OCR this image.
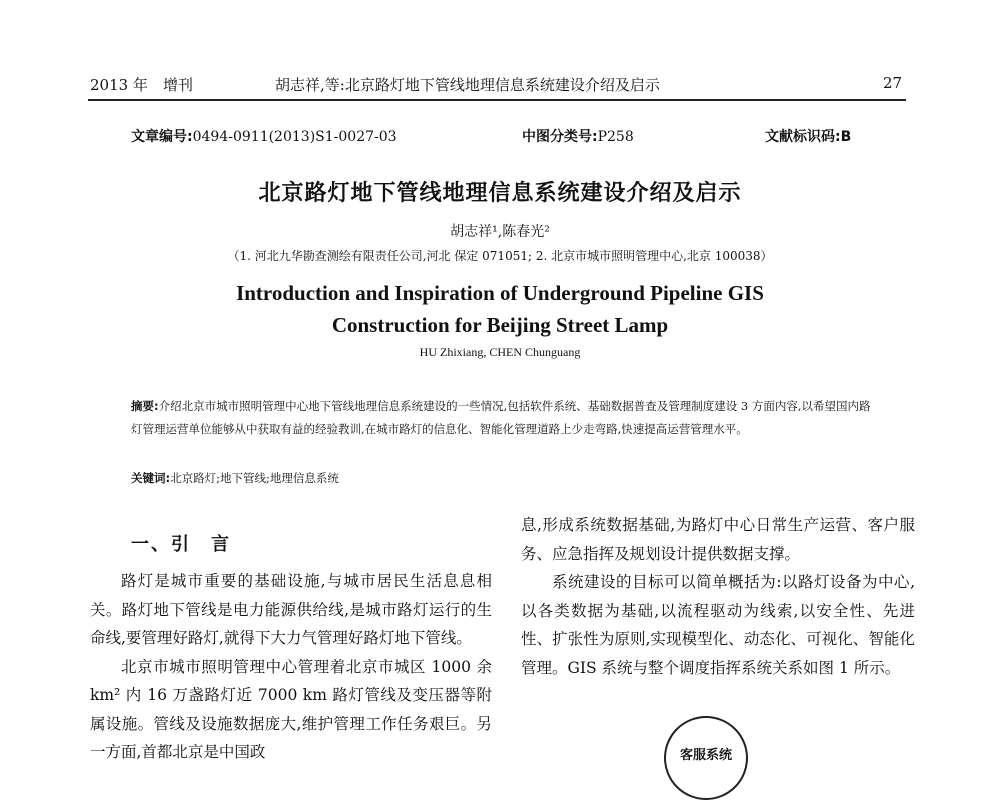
2013 年　增刊	胡志祥,等:北京路灯地下管线地理信息系统建设介绍及启示	27
文章编号:0494-0911(2013)S1-0027-03	中图分类号:P258	文献标识码:B
北京路灯地下管线地理信息系统建设介绍及启示
胡志祥¹,陈春光²
（1. 河北九华勘查测绘有限责任公司,河北 保定 071051; 2. 北京市城市照明管理中心,北京 100038）
Introduction and Inspiration of Underground Pipeline GIS
Construction for Beijing Street Lamp
HU Zhixiang, CHEN Chunguang
摘要:介绍北京市城市照明管理中心地下管线地理信息系统建设的一些情况,包括软件系统、基础数据普查及管理制度建设 3 方面内容,以希望国内路灯管理运营单位能够从中获取有益的经验教训,在城市路灯的信息化、智能化管理道路上少走弯路,快速提高运营管理水平。
关键词:北京路灯;地下管线;地理信息系统
一、引　言

路灯是城市重要的基础设施,与城市居民生活息息相关。路灯地下管线是电力能源供给线,是城市路灯运行的生命线,要管理好路灯,就得下大力气管理好路灯地下管线。

北京市城市照明管理中心管理着北京市城区 1000 余 km² 内 16 万盏路灯近 7000 km 路灯管线及变压器等附属设施。管线及设施数据庞大,维护管理工作任务艰巨。另一方面,首都北京是中国政

息,形成系统数据基础,为路灯中心日常生产运营、客户服务、应急指挥及规划设计提供数据支撑。

系统建设的目标可以简单概括为:以路灯设备为中心,以各类数据为基础,以流程驱动为线索,以安全性、先进性、扩张性为原则,实现模型化、动态化、可视化、智能化管理。GIS 系统与整个调度指挥系统关系如图 1 所示。

客服系统
